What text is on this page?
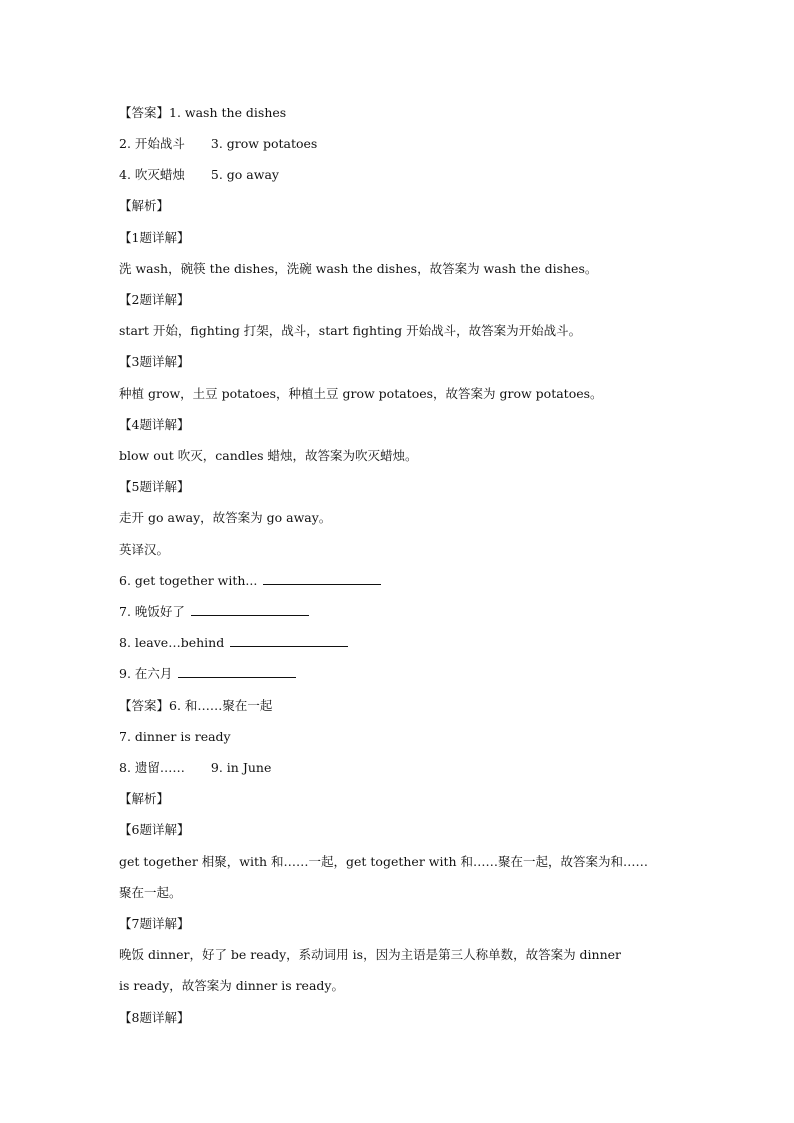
【答案】1. wash the dishes
2. 开始战斗 3. grow potatoes
4. 吹灭蜡烛 5. go away
【解析】
【1题详解】
洗 wash，碗筷 the dishes，洗碗 wash the dishes，故答案为 wash the dishes。
【2题详解】
start 开始，fighting 打架，战斗，start fighting 开始战斗，故答案为开始战斗。
【3题详解】
种植 grow，土豆 potatoes，种植土豆 grow potatoes，故答案为 grow potatoes。
【4题详解】
blow out 吹灭，candles 蜡烛，故答案为吹灭蜡烛。
【5题详解】
走开 go away，故答案为 go away。
英译汉。
6. get together with...
7. 晚饭好了
8. leave…behind
9. 在六月
【答案】6. 和……聚在一起
7. dinner is ready
8. 遗留…… 9. in June
【解析】
【6题详解】
get together 相聚，with 和……一起，get together with 和……聚在一起，故答案为和……
聚在一起。
【7题详解】
晚饭 dinner，好了 be ready，系动词用 is，因为主语是第三人称单数，故答案为 dinner
is ready，故答案为 dinner is ready。
【8题详解】
